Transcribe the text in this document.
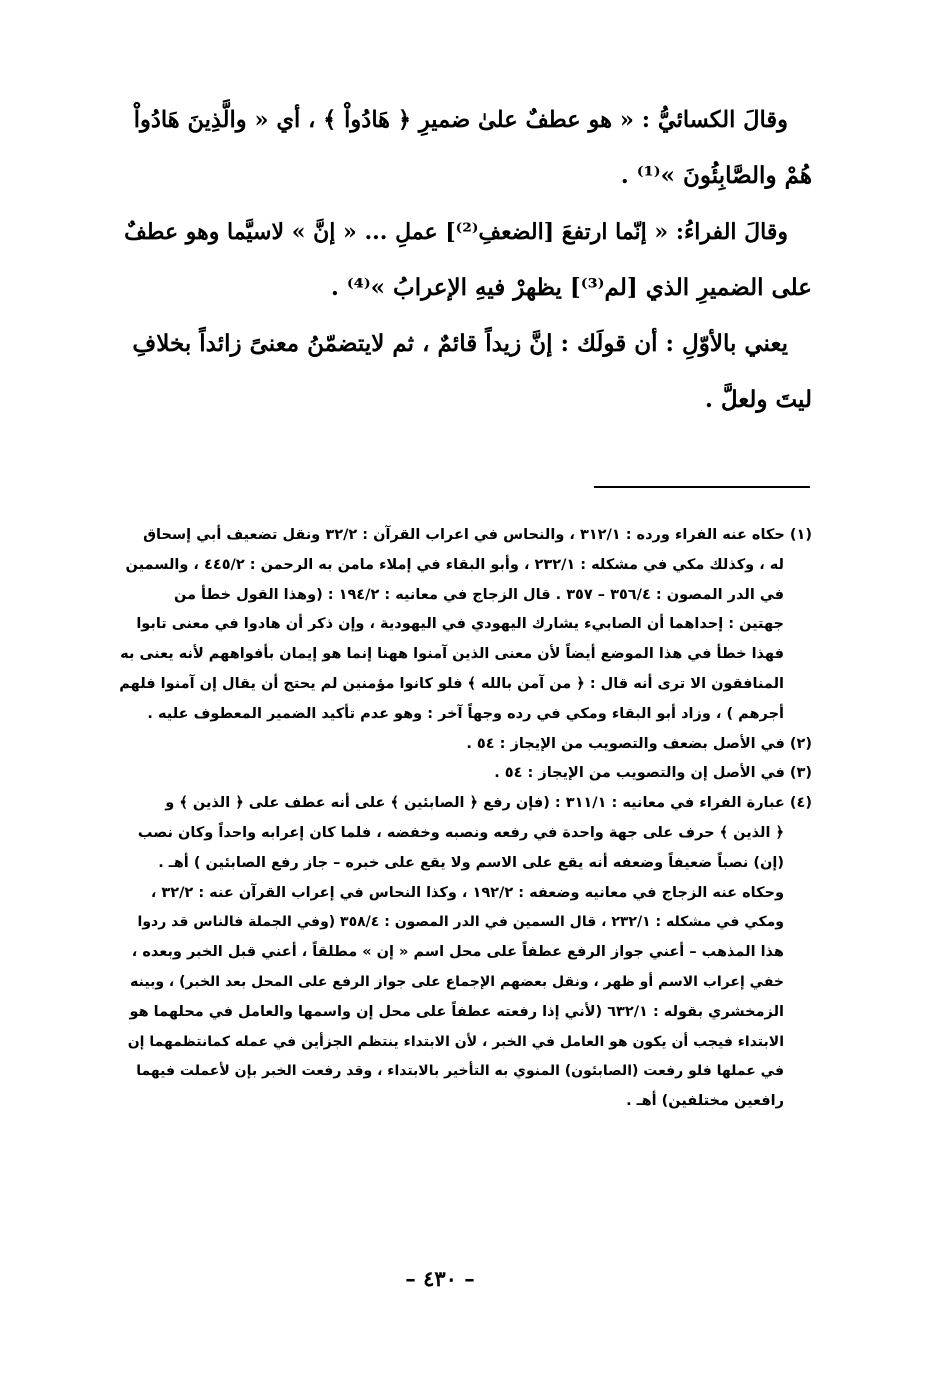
وقالَ الكسائيُّ : « هو عطفٌ علىٰ ضميرِ ﴿ هَادُواْ ﴾ ، أي « والَّذِينَ هَادُواْ
هُمْ والصَّابِئُونَ »⁽¹⁾ .
وقالَ الفراءُ: « إنّما ارتفعَ [الضعفِ⁽²⁾] عملِ ... « إنَّ » لاسيَّما وهو عطفٌ
على الضميرِ الذي [لم⁽³⁾] يظهرْ فيهِ الإعرابُ »⁽⁴⁾ .
يعني بالأوّلِ : أن قولَك : إنَّ زيداً قائمٌ ، ثم لايتضمّنُ معنىً زائداً بخلافِ
ليتَ ولعلَّ .
(١) حكاه عنه الفراء ورده : ٣١٢/١ ، والنحاس في اعراب القرآن : ٣٢/٢ ونقل تضعيف أبي إسحاق
له ، وكذلك مكي في مشكله : ٢٣٢/١ ، وأبو البقاء في إملاء مامن به الرحمن : ٤٤٥/٢ ، والسمين
في الدر المصون : ٣٥٦/٤ – ٣٥٧ . قال الزجاج في معانيه : ١٩٤/٢ : (وهذا القول خطأ من
جهتين : إحداهما أن الصابيء يشارك اليهودي في اليهودية ، وإن ذكر أن هادوا في معنى تابوا
فهذا خطأ في هذا الموضع أيضاً لأن معنى الذين آمنوا ههنا إنما هو إيمان بأفواههم لأنه يعنى به
المنافقون الا ترى أنه قال : ﴿ من آمن بالله ﴾ فلو كانوا مؤمنين لم يحتج أن يقال إن آمنوا فلهم
أجرهم ) ، وزاد أبو البقاء ومكي في رده وجهاً آخر : وهو عدم تأكيد الضمير المعطوف عليه .
(٢) في الأصل بضعف والتصويب من الإيجاز : ٥٤ .
(٣) في الأصل إن والتصويب من الإيجاز : ٥٤ .
(٤) عبارة الفراء في معانيه : ٣١١/١ : (فإن رفع ﴿ الصابئين ﴾ على أنه عطف على ﴿ الذين ﴾ و
﴿ الذين ﴾ حرف على جهة واحدة في رفعه ونصبه وخفضه ، فلما كان إعرابه واحداً وكان نصب
(إن) نصباً ضعيفاً وضعفه أنه يقع على الاسم ولا يقع على خبره – جاز رفع الصابئين ) أهـ .
وحكاه عنه الزجاج في معانيه وضعفه : ١٩٢/٢ ، وكذا النحاس في إعراب القرآن عنه : ٣٢/٢ ،
ومكي في مشكله : ٢٣٢/١ ، قال السمين في الدر المصون : ٣٥٨/٤ (وفي الجملة فالناس قد ردوا
هذا المذهب – أعني جواز الرفع عطفاً على محل اسم « إن » مطلقاً ، أعني قبل الخبر وبعده ،
خفي إعراب الاسم أو ظهر ، ونقل بعضهم الإجماع على جواز الرفع على المحل بعد الخبر) ، وبينه
الزمخشري بقوله : ٦٣٢/١ (لأني إذا رفعته عطفاً على محل إن واسمها والعامل في محلهما هو
الابتداء فيجب أن يكون هو العامل في الخبر ، لأن الابتداء ينتظم الجزأين في عمله كمانتظمهما إن
في عملها فلو رفعت (الصابئون) المنوي به التأخير بالابتداء ، وقد رفعت الخبر بإن لأعملت فيهما
رافعين مختلفين) أهـ .
– ٤٣٠ –
